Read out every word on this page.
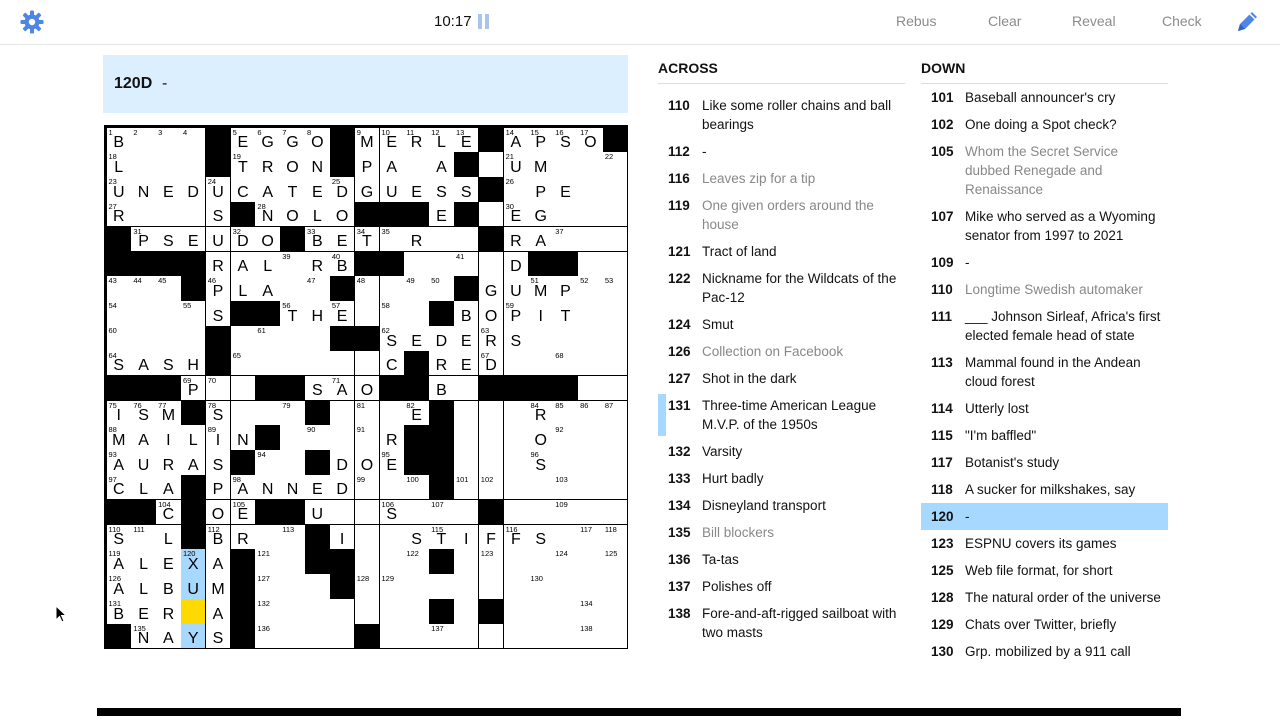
10:17	Rebus	Clear	Reveal	Check
120D -
1
B
2	3	4	5
E
6
G
7
G
8
O
9
M
10
E
11
R
12
L
13
E
14
A
15
P
16
S
17
O
18
L
19
T R O N	P A	A
21
U M
22
23
U N E D
24
U C A T E
25
D G U E S S
26
P E
27
R	S
28
N O L O	E
30
E G
31
P S E U
32
D O
33
B E
34
T
35
R	R A
37
R A L
39
R
40
B
41
D
43 44 45	46
P L A
47	48	49 50
G U
51
M P
52 53
54	55
S
56
T H
57
E
58
B O
59
P	I	T
60	61	62
S E D E
63
R S
64
S A S H
65
C	R E
67
D
68
69
P
70
S
71
A O	B
75
I
76
S
77
M
78
S
79	81	82
E
84
R
85 86 87
88
M A	I	L
89
I	N
90	91
R	O
92
93
A U R A S
94
D O
95
E
96
S
97
C L A	P
98
A N N E D
99	100	101 102	103
104
C	O
105
E	U
106
S
107	109
110
S
111
L
112
B R
113
I	S
115
T	I	F
116
F S
117 118
119
A L E
120
X A
121	122	123	124	125
126
A L B U M
127	128 129	130
131
B E R	A
132	134
135
N A Y S
136	137	138
ACROSS
110 Like some roller chains and ball bearings
112 -
116 Leaves zip for a tip
119 One given orders around the house
121 Tract of land
122 Nickname for the Wildcats of the Pac-12
124 Smut
126 Collection on Facebook
127 Shot in the dark
131 Three-time American League M.V.P. of the 1950s
132 Varsity
133 Hurt badly
134 Disneyland transport
135 Bill blockers
136 Ta-tas
137 Polishes off
138 Fore-and-aft-rigged sailboat with two masts
DOWN
101 Baseball announcer's cry
102 One doing a Spot check?
105 Whom the Secret Service dubbed Renegade and Renaissance
107 Mike who served as a Wyoming senator from 1997 to 2021
109 -
110 Longtime Swedish automaker
111 ___ Johnson Sirleaf, Africa's first elected female head of state
113 Mammal found in the Andean cloud forest
114 Utterly lost
115 "I'm baffled"
117 Botanist's study
118 A sucker for milkshakes, say
120 -
123 ESPNU covers its games
125 Web file format, for short
128 The natural order of the universe
129 Chats over Twitter, briefly
130 Grp. mobilized by a 911 call
